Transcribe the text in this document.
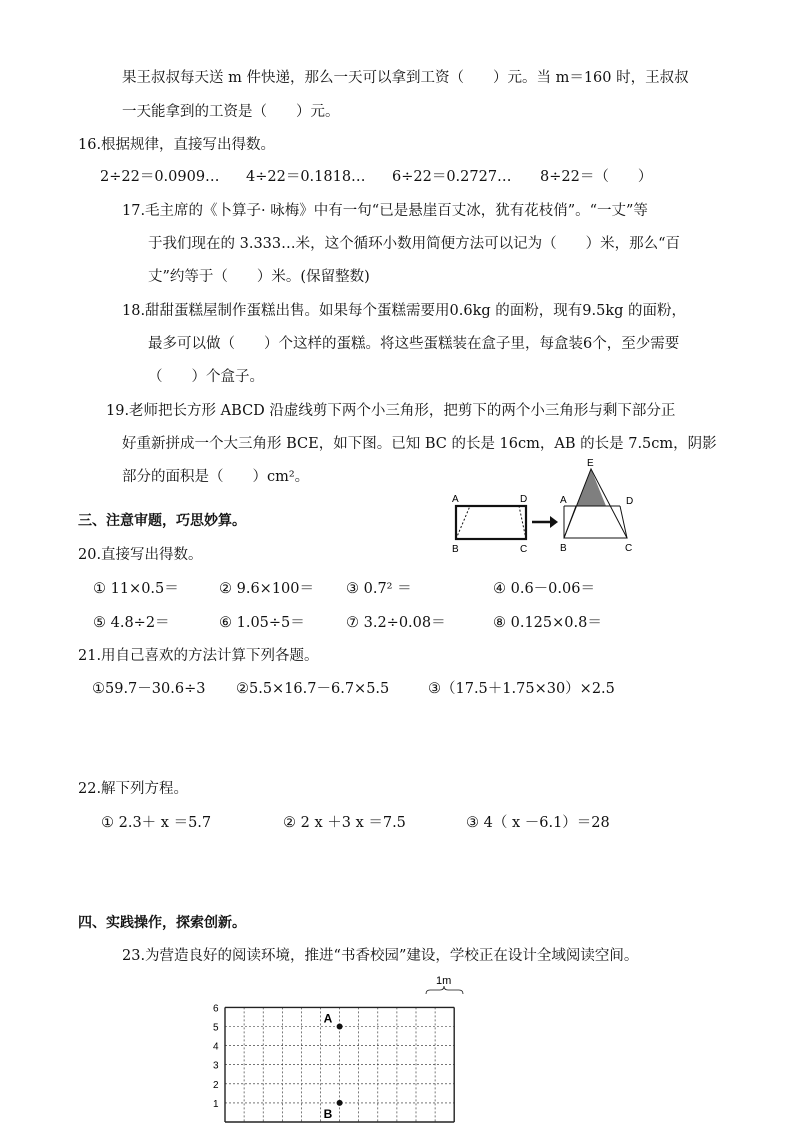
果王叔叔每天送 m 件快递，那么一天可以拿到工资（　　）元。当 m＝160 时，王叔叔
一天能拿到的工资是（　　）元。
16.根据规律，直接写出得数。
2÷22＝0.0909… 4÷22＝0.1818… 6÷22＝0.2727… 8÷22＝（　　）
17.毛主席的《卜算子· 咏梅》中有一句“已是悬崖百丈冰，犹有花枝俏”。“一丈”等
于我们现在的 3.333…米，这个循环小数用简便方法可以记为（　　）米，那么“百
丈”约等于（　　）米。(保留整数)
18.甜甜蛋糕屋制作蛋糕出售。如果每个蛋糕需要用0.6kg 的面粉，现有9.5kg 的面粉，
最多可以做（　　）个这样的蛋糕。将这些蛋糕装在盒子里，每盒装6个，至少需要
（　　）个盒子。
19.老师把长方形 ABCD 沿虚线剪下两个小三角形，把剪下的两个小三角形与剩下部分正
好重新拼成一个大三角形 BCE，如下图。已知 BC 的长是 16cm，AB 的长是 7.5cm，阴影
部分的面积是（　　）cm²。
A	D
B	C
E
A	D
B	C
三、注意审题，巧思妙算。
20.直接写出得数。
① 11×0.5＝	② 9.6×100＝ ③ 0.7² ＝	④ 0.6－0.06＝
⑤ 4.8÷2＝	⑥ 1.05÷5＝	⑦ 3.2÷0.08＝	⑧ 0.125×0.8＝
21.用自己喜欢的方法计算下列各题。
①59.7－30.6÷3 ②5.5×16.7－6.7×5.5	③（17.5＋1.75×30）×2.5
22.解下列方程。
① 2.3＋ x ＝5.7	② 2 x ＋3 x ＝7.5	③ 4（ x －6.1）＝28
四、实践操作，探索创新。
23.为营造良好的阅读环境，推进“书香校园”建设，学校正在设计全域阅读空间。
1
2
3
4
5
6
A
B
1m
